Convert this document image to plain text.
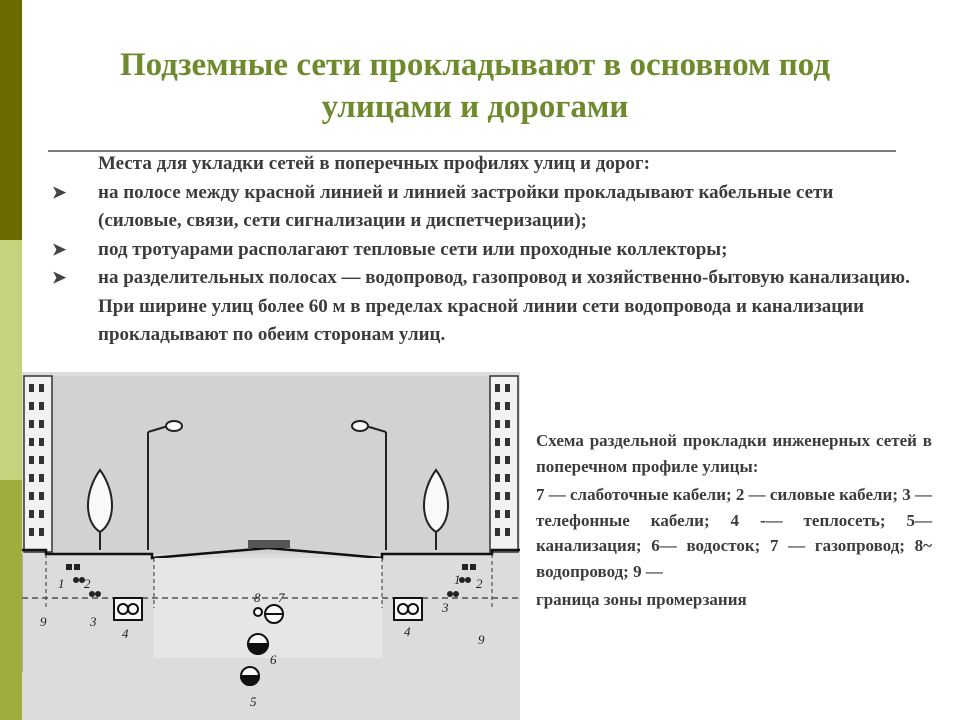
Подземные сети прокладывают в основном под улицами и дорогами

Места для укладки сетей в поперечных профилях улиц и дорог:

➤ на полосе между красной линией и линией застройки прокладывают кабельные сети (силовые, связи, сети сигнализации и диспетчеризации);
➤ под тротуарами располагают тепловые сети или проходные коллекторы;
➤ на разделительных полосах — водопровод, газопровод и хозяйственно-бытовую канализацию. При ширине улиц более 60 м в пределах красной линии сети водопровода и канализации прокладывают по обеим сторонам улиц.
1 2
3
4
5
6
7
8
9
1 2
3
4
9

Схема раздельной прокладки инженерных сетей в поперечном профиле улицы:

7 — слаботочные кабели; 2 — силовые кабели; 3 — телефонные кабели; 4 -— теплосеть; 5— канализация; 6— водосток; 7 — газопровод; 8~ водопровод; 9 —

граница зоны промерзания
